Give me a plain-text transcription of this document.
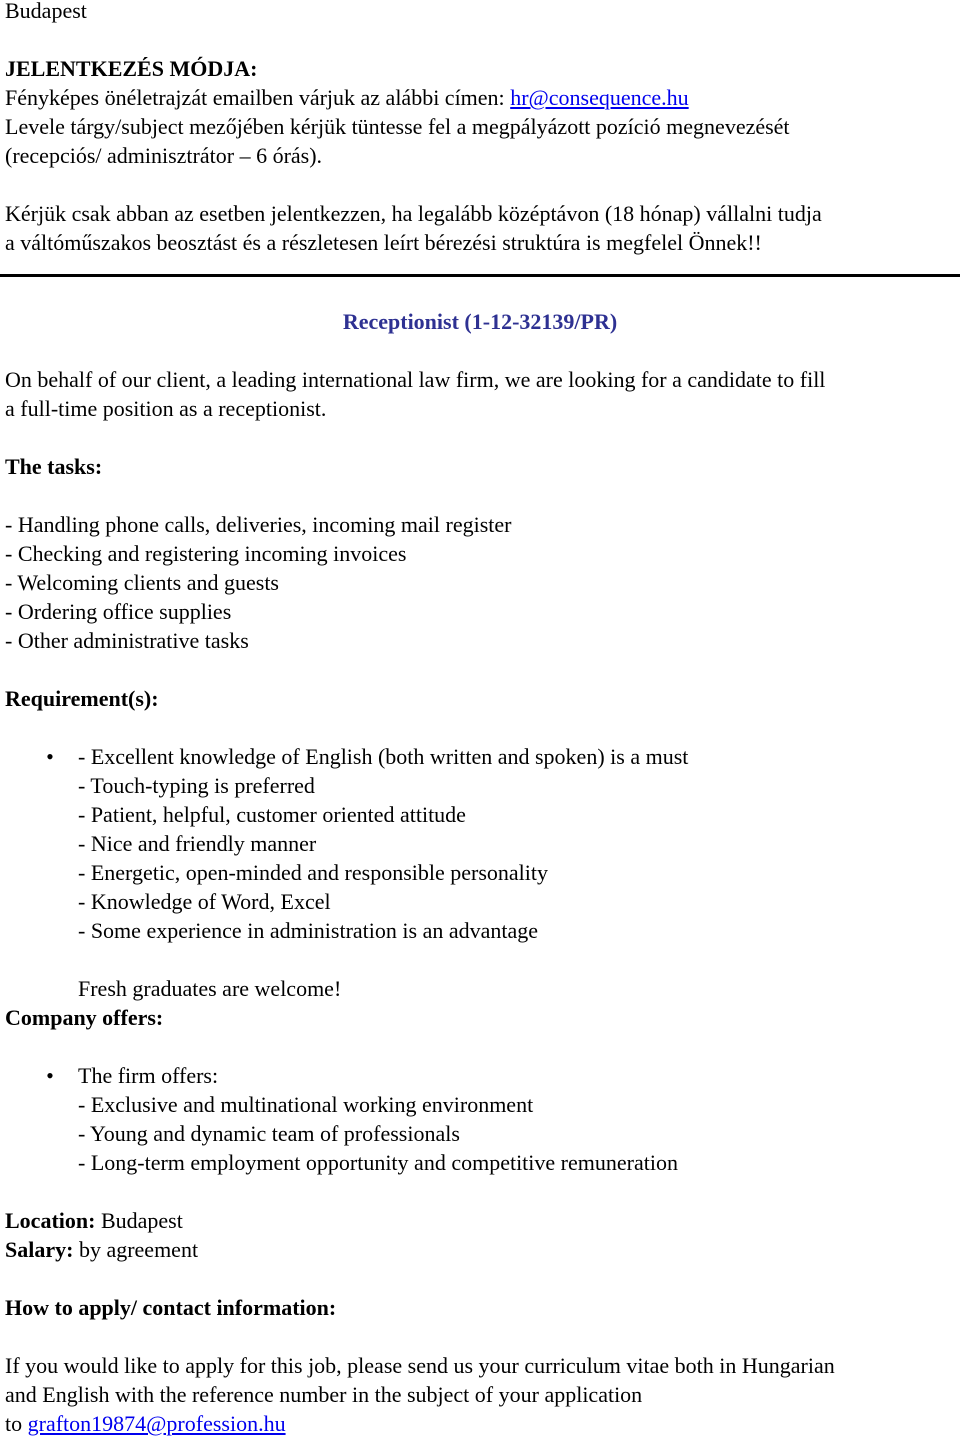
Budapest
JELENTKEZÉS MÓDJA:
Fényképes önéletrajzát emailben várjuk az alábbi címen: hr@consequence.hu
Levele tárgy/subject mezőjében kérjük tüntesse fel a megpályázott pozíció megnevezését
(recepciós/ adminisztrátor – 6 órás).
Kérjük csak abban az esetben jelentkezzen, ha legalább középtávon (18 hónap) vállalni tudja
a váltóműszakos beosztást és a részletesen leírt bérezési struktúra is megfelel Önnek!!
Receptionist (1-12-32139/PR)
On behalf of our client, a leading international law firm, we are looking for a candidate to fill
a full-time position as a receptionist.
The tasks:
- Handling phone calls, deliveries, incoming mail register
- Checking and registering incoming invoices
- Welcoming clients and guests
- Ordering office supplies
- Other administrative tasks
Requirement(s):
• - Excellent knowledge of English (both written and spoken) is a must
- Touch-typing is preferred
- Patient, helpful, customer oriented attitude
- Nice and friendly manner
- Energetic, open-minded and responsible personality
- Knowledge of Word, Excel
- Some experience in administration is an advantage
Fresh graduates are welcome!
Company offers:
• The firm offers:
- Exclusive and multinational working environment
- Young and dynamic team of professionals
- Long-term employment opportunity and competitive remuneration
Location: Budapest
Salary: by agreement
How to apply/ contact information:
If you would like to apply for this job, please send us your curriculum vitae both in Hungarian
and English with the reference number in the subject of your application
to grafton19874@profession.hu
